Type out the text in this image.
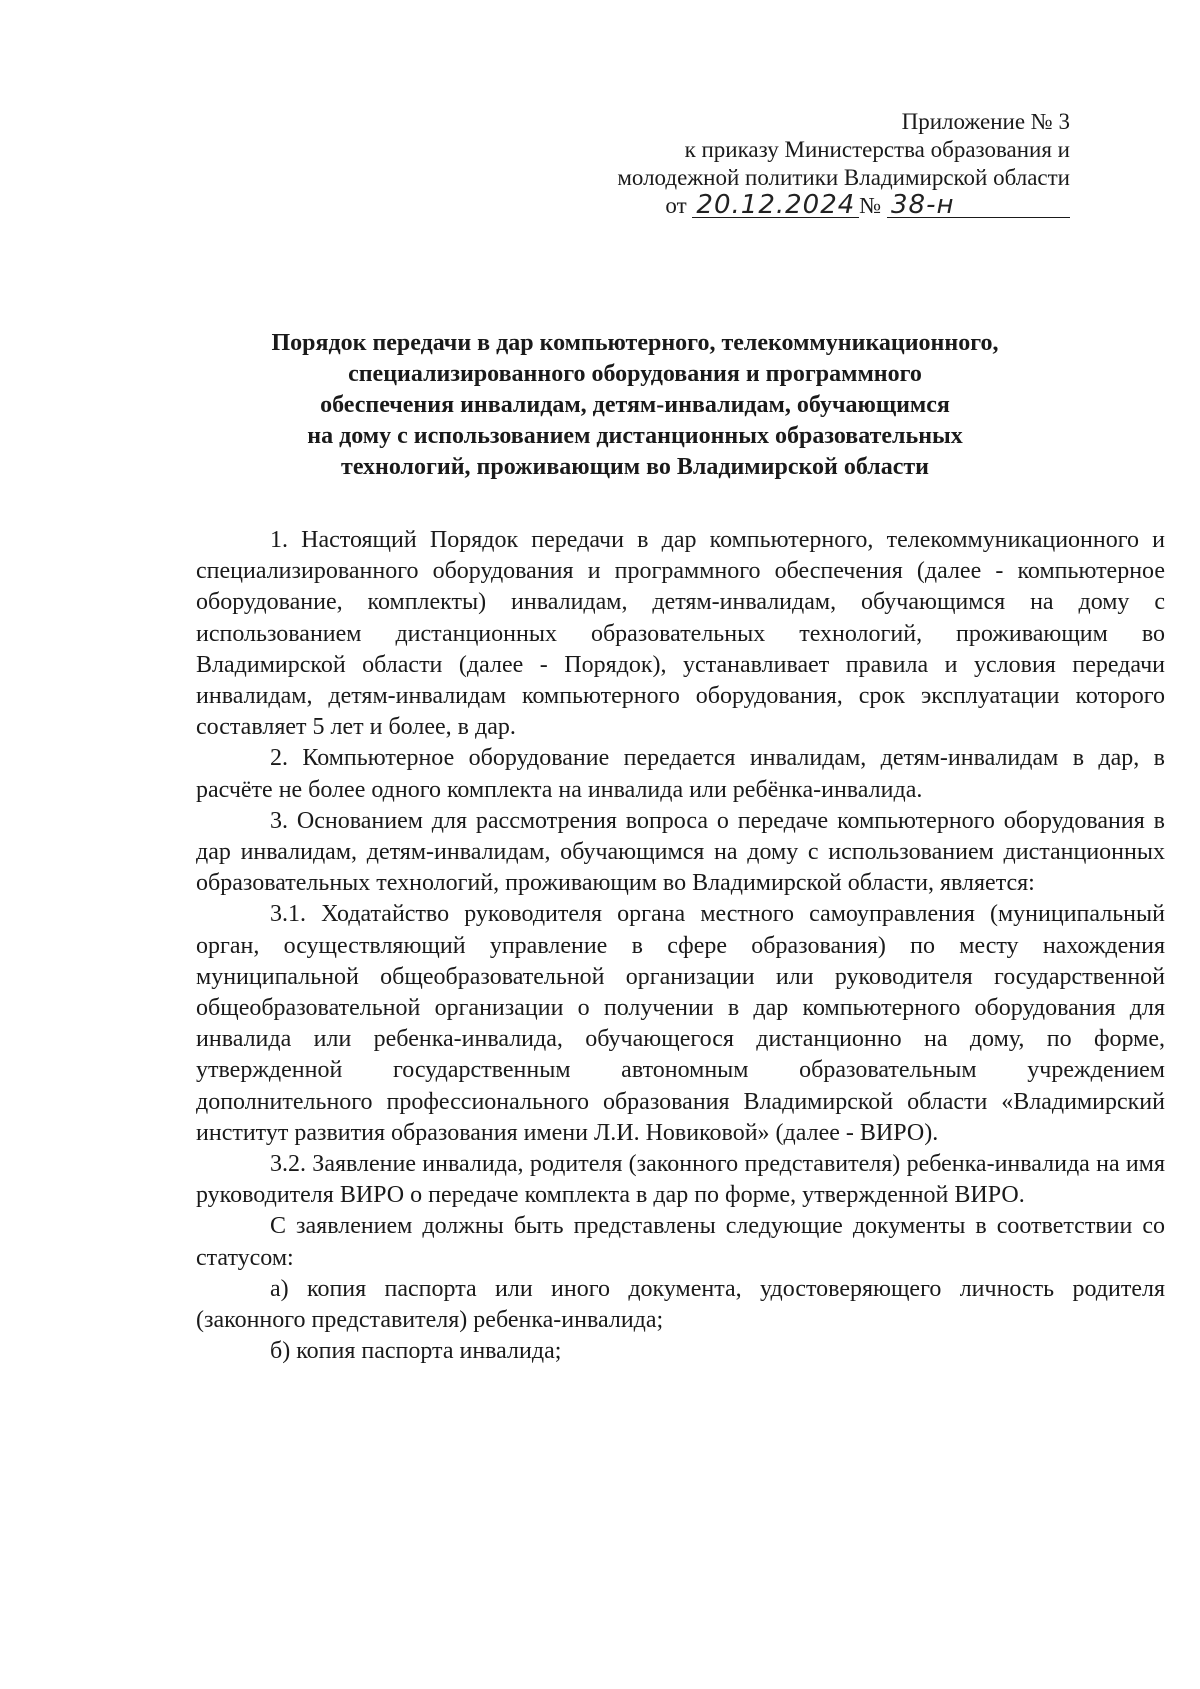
Приложение № 3
к приказу Министерства образования и
молодежной политики Владимирской области
от 20.12.2024 № 38-н
Порядок передачи в дар компьютерного, телекоммуникационного,
специализированного оборудования и программного
обеспечения инвалидам, детям-инвалидам, обучающимся
на дому с использованием дистанционных образовательных
технологий, проживающим во Владимирской области

1. Настоящий Порядок передачи в дар компьютерного, телекоммуникационного и специализированного оборудования и программного обеспечения (далее - компьютерное оборудование, комплекты) инвалидам, детям-инвалидам, обучающимся на дому с использованием дистанционных образовательных технологий, проживающим во Владимирской области (далее - Порядок), устанавливает правила и условия передачи инвалидам, детям-инвалидам компьютерного оборудования, срок эксплуатации которого составляет 5 лет и более, в дар.

2. Компьютерное оборудование передается инвалидам, детям-инвалидам в дар, в расчёте не более одного комплекта на инвалида или ребёнка-инвалида.

3. Основанием для рассмотрения вопроса о передаче компьютерного оборудования в дар инвалидам, детям-инвалидам, обучающимся на дому с использованием дистанционных образовательных технологий, проживающим во Владимирской области, является:

3.1. Ходатайство руководителя органа местного самоуправления (муниципальный орган, осуществляющий управление в сфере образования) по месту нахождения муниципальной общеобразовательной организации или руководителя государственной общеобразовательной организации о получении в дар компьютерного оборудования для инвалида или ребенка-инвалида, обучающегося дистанционно на дому, по форме, утвержденной государственным автономным образовательным учреждением дополнительного профессионального образования Владимирской области «Владимирский институт развития образования имени Л.И. Новиковой» (далее - ВИРО).

3.2. Заявление инвалида, родителя (законного представителя) ребенка-инвалида на имя руководителя ВИРО о передаче комплекта в дар по форме, утвержденной ВИРО.

С заявлением должны быть представлены следующие документы в соответствии со статусом:

а) копия паспорта или иного документа, удостоверяющего личность родителя (законного представителя) ребенка-инвалида;

б) копия паспорта инвалида;
